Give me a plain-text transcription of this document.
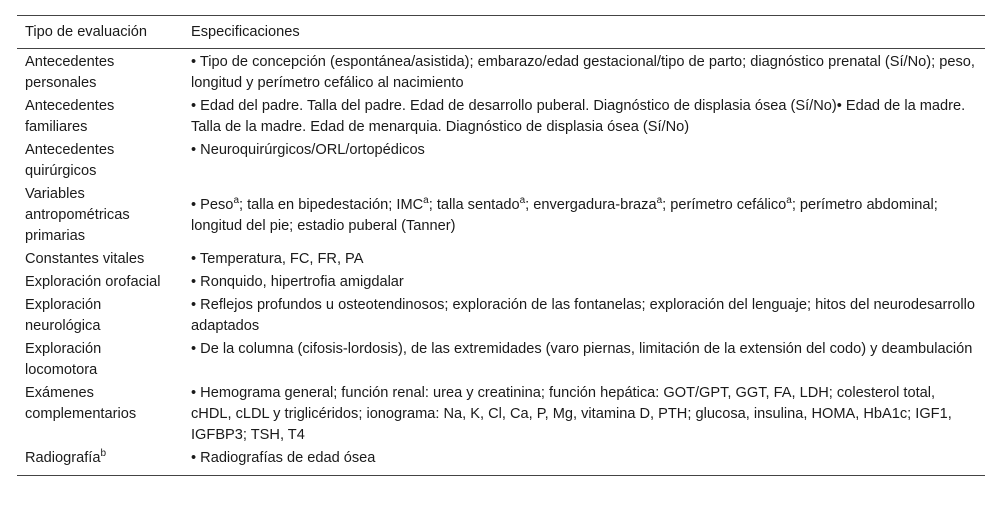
Tipo de evaluación	Especificaciones
Antecedentes personales	• Tipo de concepción (espontánea/asistida); embarazo/edad gestacional/tipo de parto; diagnóstico prenatal (Sí/No); peso, longitud y perímetro cefálico al nacimiento
Antecedentes familiares	• Edad del padre. Talla del padre. Edad de desarrollo puberal. Diagnóstico de displasia ósea (Sí/No)• Edad de la madre. Talla de la madre. Edad de menarquia. Diagnóstico de displasia ósea (Sí/No)
Antecedentes quirúrgicos	• Neuroquirúrgicos/ORL/ortopédicos
Variables antropométricas primarias	• Peso$^a$; talla en bipedestación; IMC$^a$; talla sentado$^a$; envergadura-braza$^a$; perímetro cefálico$^a$; perímetro abdominal; longitud del pie; estadio puberal (Tanner)
Constantes vitales	• Temperatura, FC, FR, PA
Exploración orofacial	• Ronquido, hipertrofia amigdalar
Exploración neurológica	• Reflejos profundos u osteotendinosos; exploración de las fontanelas; exploración del lenguaje; hitos del neurodesarrollo adaptados
Exploración locomotora	• De la columna (cifosis-lordosis), de las extremidades (varo piernas, limitación de la extensión del codo) y deambulación
Exámenes complementarios	• Hemograma general; función renal: urea y creatinina; función hepática: GOT/GPT, GGT, FA, LDH; colesterol total, cHDL, cLDL y triglicéridos; ionograma: Na, K, Cl, Ca, P, Mg, vitamina D, PTH; glucosa, insulina, HOMA, HbA1c; IGF1, IGFBP3; TSH, T4
Radiografía$^b$	• Radiografías de edad ósea
